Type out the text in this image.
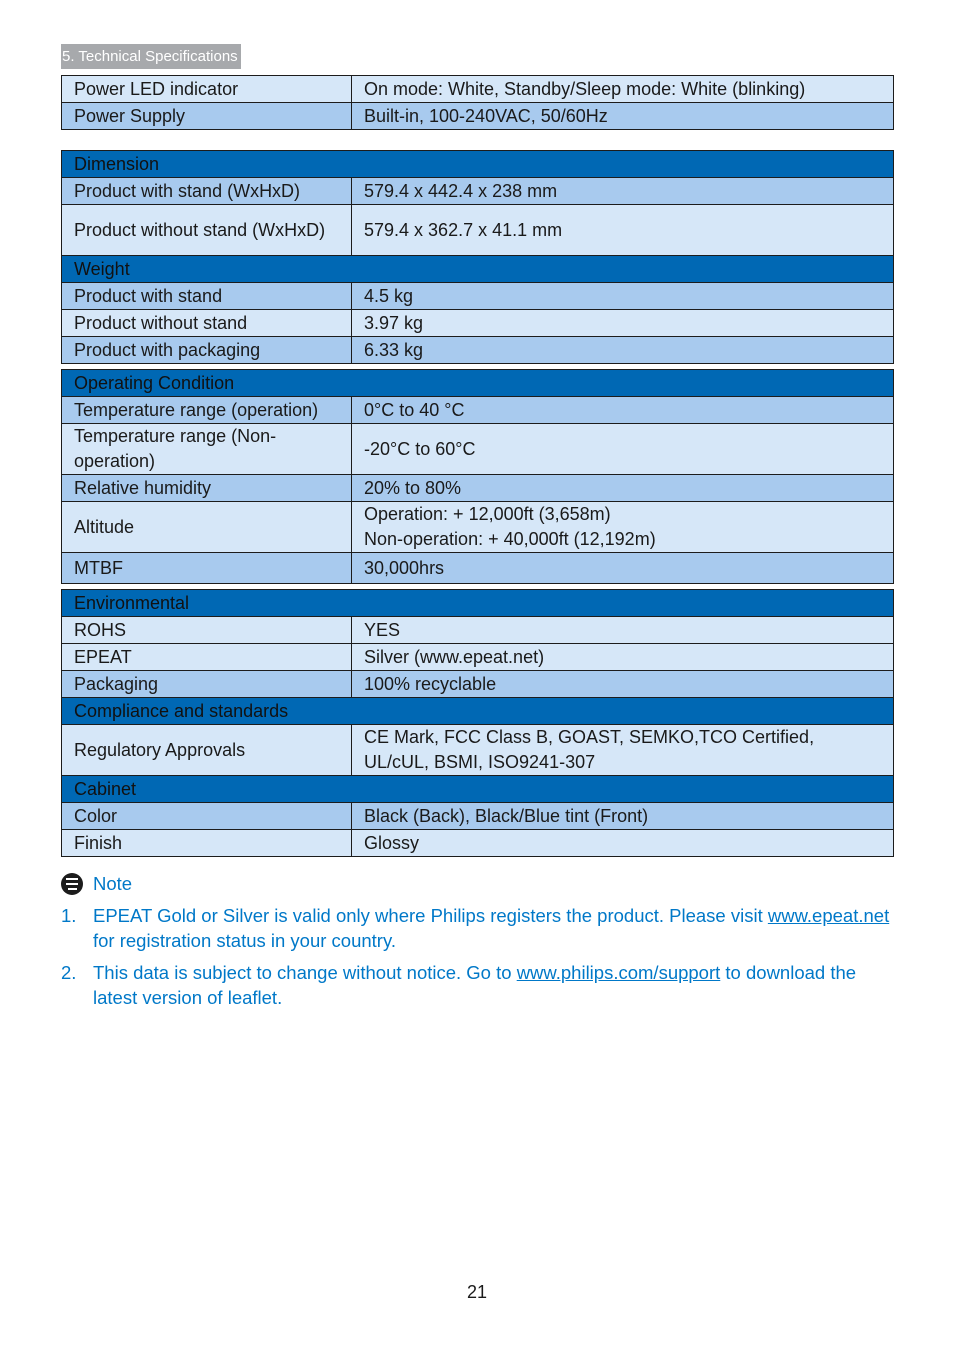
5. Technical Specifications
Power LED indicator	On mode: White, Standby/Sleep mode: White (blinking)
Power Supply	Built-in, 100-240VAC, 50/60Hz
Dimension	
Product with stand (WxHxD)	579.4 x 442.4 x 238 mm
Product without stand (WxHxD)	579.4 x 362.7 x 41.1 mm
Weight	
Product with stand	4.5 kg
Product without stand	3.97 kg
Product with packaging	6.33 kg
Operating Condition	
Temperature range (operation)	0°C to 40 °C
Temperature range (Non-operation)	-20°C to 60°C
Relative humidity	20% to 80%
Altitude	Operation: + 12,000ft (3,658m)
Non-operation: + 40,000ft (12,192m)

MTBF	30,000hrs
Environmental	
ROHS	YES
EPEAT	Silver (www.epeat.net)
Packaging	100% recyclable
Compliance and standards	
Regulatory Approvals	CE Mark, FCC Class B, GOAST, SEMKO,TCO Certified, UL/cUL, BSMI, ISO9241-307
Cabinet	
Color	Black (Back), Black/Blue tint (Front)
Finish	Glossy
Note
1. EPEAT Gold or Silver is valid only where Philips registers the product. Please visit www.epeat.net for registration status in your country.
2. This data is subject to change without notice. Go to www.philips.com/support to download the latest version of leaflet.
21
